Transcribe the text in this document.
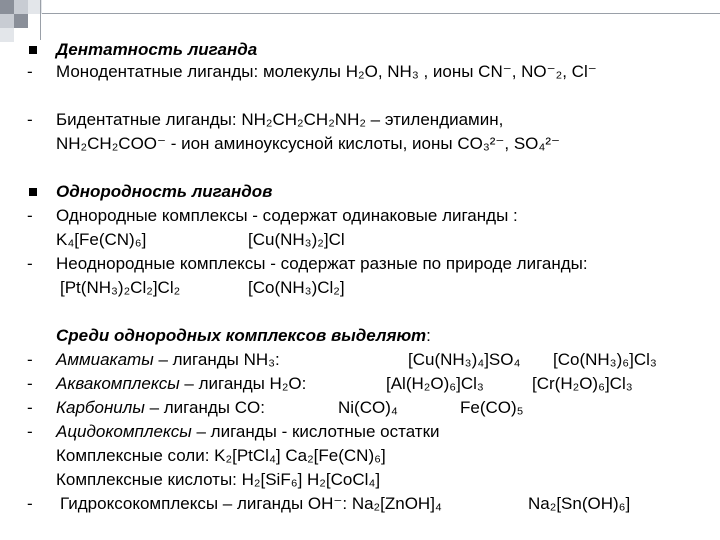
Дентатность лиганда
-	Монодентатные лиганды: молекулы H₂O, NH₃ , ионы CN⁻, NO⁻₂, Cl⁻
-	Бидентатные лиганды: NH₂CH₂CH₂NH₂ – этилендиамин,
NH₂CH₂COO⁻ - ион аминоуксусной кислоты, ионы CO₃²⁻, SO₄²⁻
Однородность лигандов
-	Однородные комплексы - содержат одинаковые лиганды :
K₄[Fe(CN)₆]	[Cu(NH₃)₂]Cl
-	Неоднородные комплексы - содержат разные по природе лиганды:
[Pt(NH₃)₂Cl₂]Cl₂	[Co(NH₃)Cl₂]
Среди однородных комплексов выделяют:
-	Аммиакаты – лиганды NH₃:	[Cu(NH₃)₄]SO₄ [Co(NH₃)₆]Cl₃
-	Аквакомплексы – лиганды H₂O:	[Al(H₂O)₆]Cl₃	[Cr(H₂O)₆]Cl₃
-	Карбонилы – лиганды CO:	Ni(CO)₄	Fe(CO)₅
-	Ацидокомплексы – лиганды - кислотные остатки
Комплексные соли: K₂[PtCl₄] Ca₂[Fe(CN)₆]
Комплексные кислоты: H₂[SiF₆] H₂[CoCl₄]
-	Гидроксокомплексы – лиганды OH⁻: Na₂[ZnOH]₄	Na₂[Sn(OH)₆]
